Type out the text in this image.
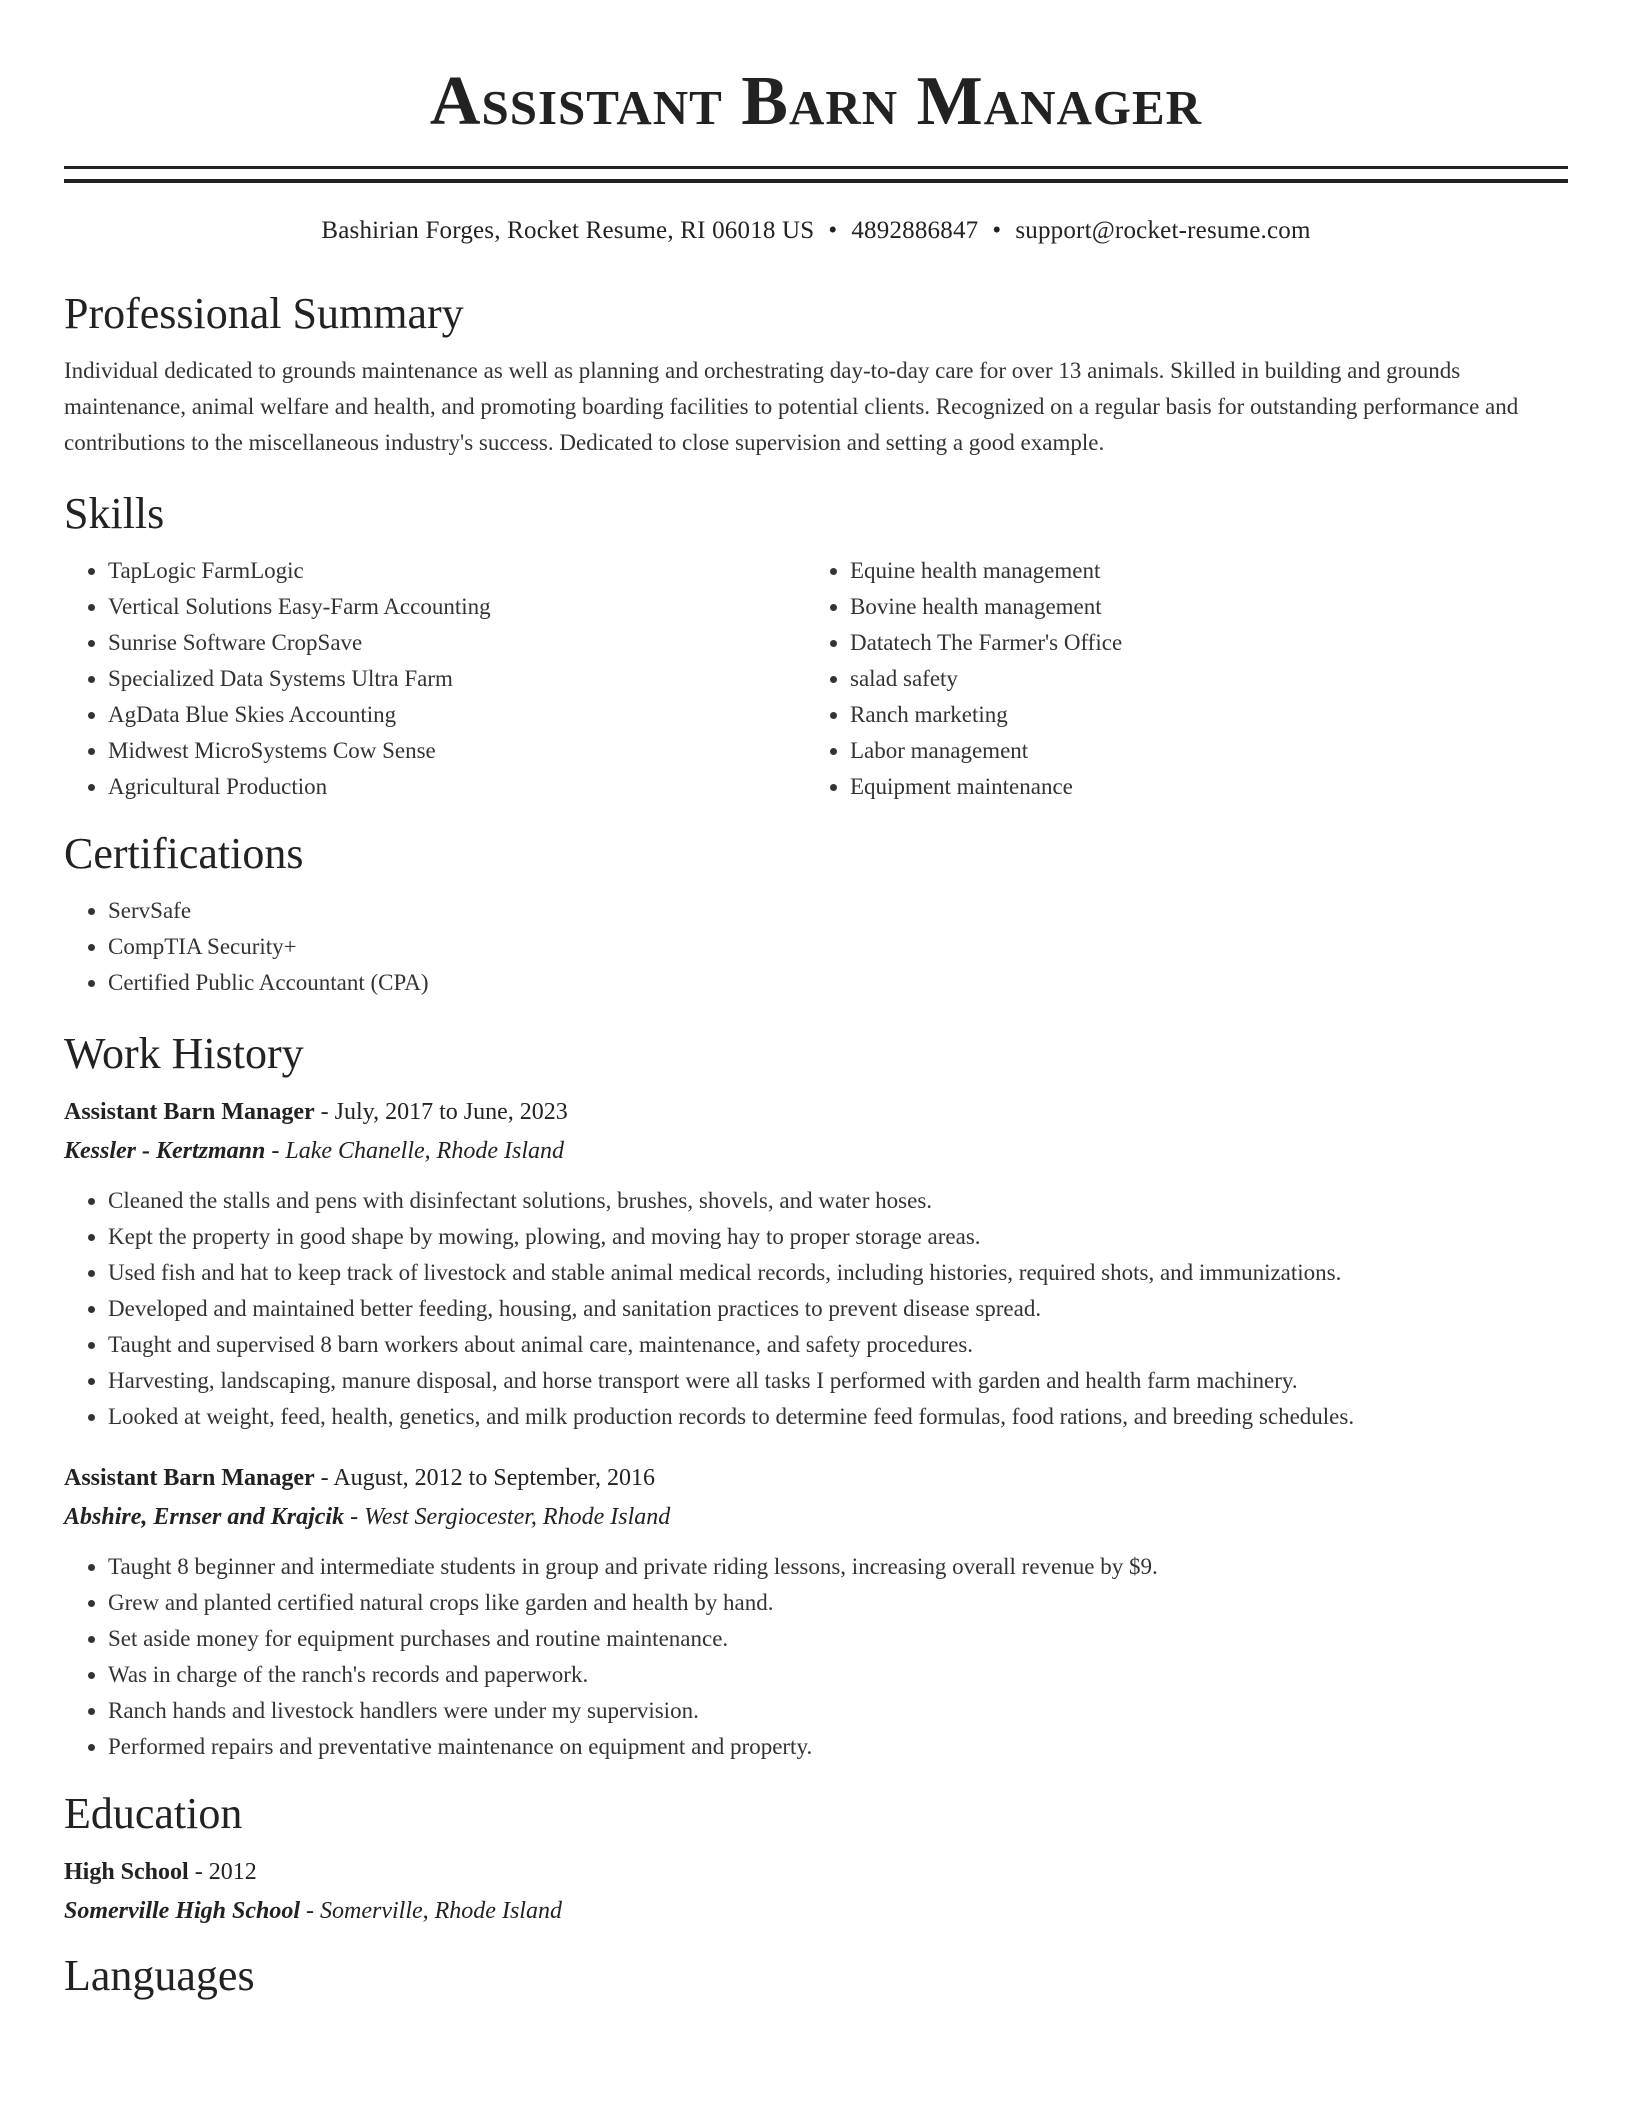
Assistant Barn Manager
Bashirian Forges, Rocket Resume, RI 06018 US • 4892886847 • support@rocket-resume.com
Professional Summary
Individual dedicated to grounds maintenance as well as planning and orchestrating day-to-day care for over 13 animals. Skilled in building and grounds maintenance, animal welfare and health, and promoting boarding facilities to potential clients. Recognized on a regular basis for outstanding performance and contributions to the miscellaneous industry's success. Dedicated to close supervision and setting a good example.
Skills
• TapLogic FarmLogic
• Vertical Solutions Easy-Farm Accounting
• Sunrise Software CropSave
• Specialized Data Systems Ultra Farm
• AgData Blue Skies Accounting
• Midwest MicroSystems Cow Sense
• Agricultural Production
• Equine health management
• Bovine health management
• Datatech The Farmer's Office
• salad safety
• Ranch marketing
• Labor management
• Equipment maintenance
Certifications
• ServSafe
• CompTIA Security+
• Certified Public Accountant (CPA)
Work History
Assistant Barn Manager - July, 2017 to June, 2023
Kessler - Kertzmann - Lake Chanelle, Rhode Island
• Cleaned the stalls and pens with disinfectant solutions, brushes, shovels, and water hoses.
• Kept the property in good shape by mowing, plowing, and moving hay to proper storage areas.
• Used fish and hat to keep track of livestock and stable animal medical records, including histories, required shots, and immunizations.
• Developed and maintained better feeding, housing, and sanitation practices to prevent disease spread.
• Taught and supervised 8 barn workers about animal care, maintenance, and safety procedures.
• Harvesting, landscaping, manure disposal, and horse transport were all tasks I performed with garden and health farm machinery.
• Looked at weight, feed, health, genetics, and milk production records to determine feed formulas, food rations, and breeding schedules.
Assistant Barn Manager - August, 2012 to September, 2016
Abshire, Ernser and Krajcik - West Sergiocester, Rhode Island
• Taught 8 beginner and intermediate students in group and private riding lessons, increasing overall revenue by $9.
• Grew and planted certified natural crops like garden and health by hand.
• Set aside money for equipment purchases and routine maintenance.
• Was in charge of the ranch's records and paperwork.
• Ranch hands and livestock handlers were under my supervision.
• Performed repairs and preventative maintenance on equipment and property.
Education
High School - 2012
Somerville High School - Somerville, Rhode Island
Languages
